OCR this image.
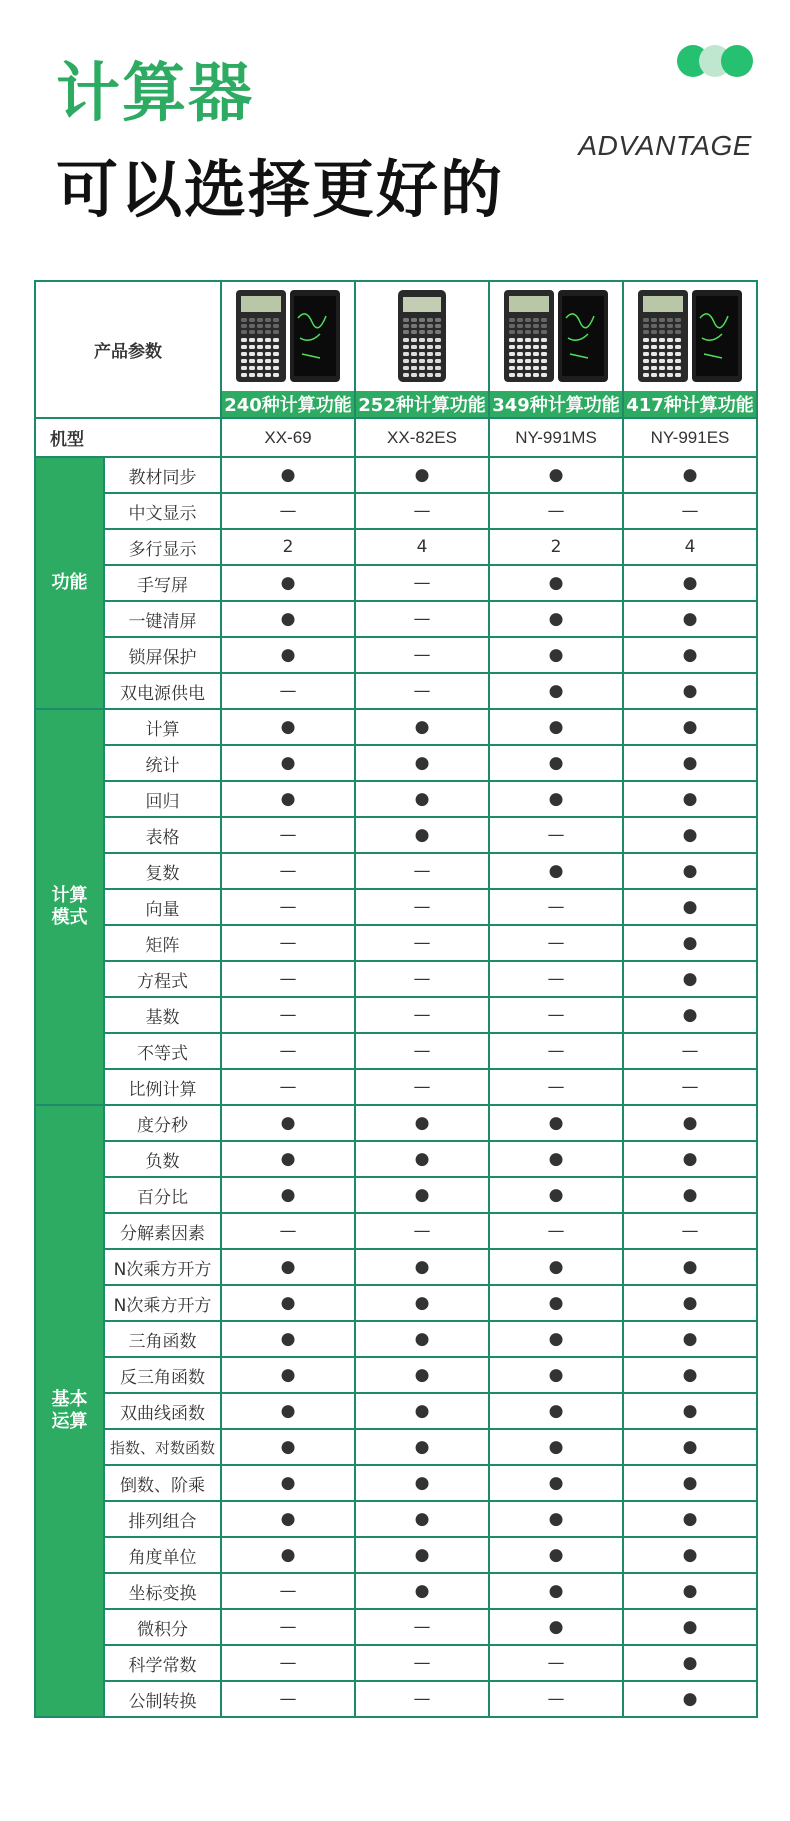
计算器
可以选择更好的
ADVANTAGE
产品参数				
		240种计算功能	252种计算功能	349种计算功能	417种计算功能
机型		XX-69	XX-82ES	NY-991MS	NY-991ES
功能	教材同步	●	●	●	●
	中文显示	—	—	—	—
	多行显示	2	4	2	4
	手写屏	●	—	●	●
	一键清屏	●	—	●	●
	锁屏保护	●	—	●	●
	双电源供电	—	—	●	●
计算
模式	计算	●	●	●	●
	统计	●	●	●	●
	回归	●	●	●	●
	表格	—	●	—	●
	复数	—	—	●	●
	向量	—	—	—	●
	矩阵	—	—	—	●
	方程式	—	—	—	●
	基数	—	—	—	●
	不等式	—	—	—	—
	比例计算	—	—	—	—
基本
运算	度分秒	●	●	●	●
	负数	●	●	●	●
	百分比	●	●	●	●
	分解素因素	—	—	—	—
	N次乘方开方	●	●	●	●
	N次乘方开方	●	●	●	●
	三角函数	●	●	●	●
	反三角函数	●	●	●	●
	双曲线函数	●	●	●	●
	指数、对数函数	●	●	●	●
	倒数、阶乘	●	●	●	●
	排列组合	●	●	●	●
	角度单位	●	●	●	●
	坐标变换	—	●	●	●
	微积分	—	—	●	●
	科学常数	—	—	—	●
	公制转换	—	—	—	●
